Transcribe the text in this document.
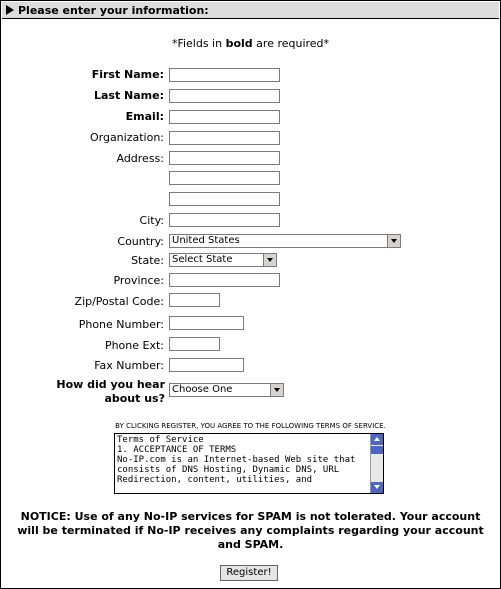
Please enter your information:
*Fields in bold are required*
First Name:
Last Name:
Email:
Organization:
Address:
City:
Country: United States
State: Select State
Province:
Zip/Postal Code:
Phone Number:
Phone Ext:
Fax Number:
How did you hear about us?
Choose One
BY CLICKING REGISTER, YOU AGREE TO THE FOLLOWING TERMS OF SERVICE.
Terms of Service
1. ACCEPTANCE OF TERMS
No-IP.com is an Internet-based Web site that
consists of DNS Hosting, Dynamic DNS, URL
Redirection, content, utilities, and
NOTICE: Use of any No-IP services for SPAM is not tolerated. Your account will be terminated if No-IP receives any complaints regarding your account and SPAM.
Register!
